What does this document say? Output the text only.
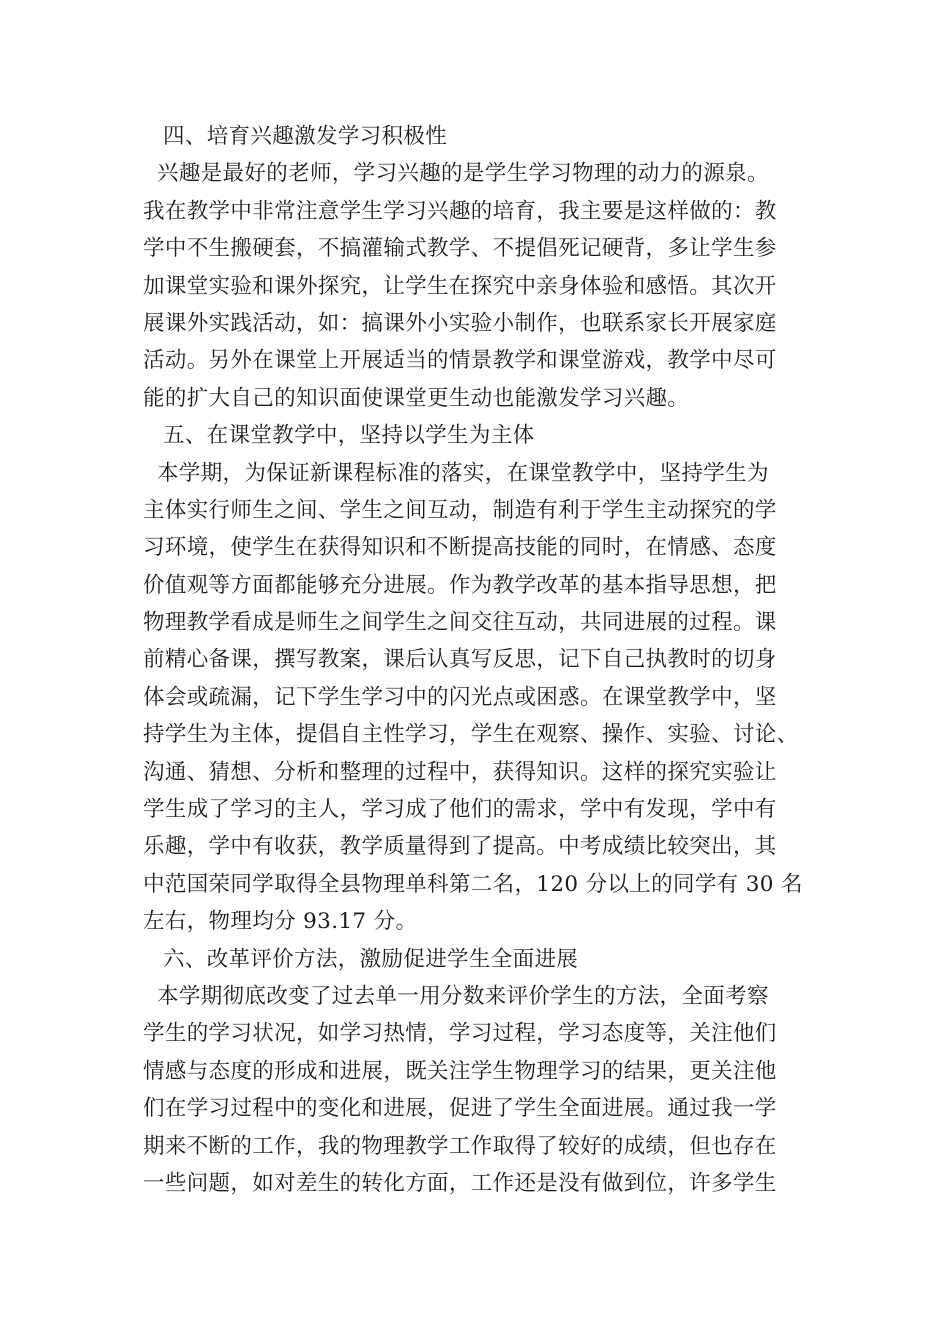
四、培育兴趣激发学习积极性
兴趣是最好的老师，学习兴趣的是学生学习物理的动力的源泉。
我在教学中非常注意学生学习兴趣的培育，我主要是这样做的：教
学中不生搬硬套，不搞灌输式教学、不提倡死记硬背，多让学生参
加课堂实验和课外探究，让学生在探究中亲身体验和感悟。其次开
展课外实践活动，如：搞课外小实验小制作，也联系家长开展家庭
活动。另外在课堂上开展适当的情景教学和课堂游戏，教学中尽可
能的扩大自己的知识面使课堂更生动也能激发学习兴趣。
五、在课堂教学中，坚持以学生为主体
本学期，为保证新课程标准的落实，在课堂教学中，坚持学生为
主体实行师生之间、学生之间互动，制造有利于学生主动探究的学
习环境，使学生在获得知识和不断提高技能的同时，在情感、态度
价值观等方面都能够充分进展。作为教学改革的基本指导思想，把
物理教学看成是师生之间学生之间交往互动，共同进展的过程。课
前精心备课，撰写教案，课后认真写反思，记下自己执教时的切身
体会或疏漏，记下学生学习中的闪光点或困惑。在课堂教学中，坚
持学生为主体，提倡自主性学习，学生在观察、操作、实验、讨论、
沟通、猜想、分析和整理的过程中，获得知识。这样的探究实验让
学生成了学习的主人，学习成了他们的需求，学中有发现，学中有
乐趣，学中有收获，教学质量得到了提高。中考成绩比较突出，其
中范国荣同学取得全县物理单科第二名，120 分以上的同学有 30 名
左右，物理均分 93.17 分。
六、改革评价方法，激励促进学生全面进展
本学期彻底改变了过去单一用分数来评价学生的方法，全面考察
学生的学习状况，如学习热情，学习过程，学习态度等，关注他们
情感与态度的形成和进展，既关注学生物理学习的结果，更关注他
们在学习过程中的变化和进展，促进了学生全面进展。通过我一学
期来不断的工作，我的物理教学工作取得了较好的成绩，但也存在
一些问题，如对差生的转化方面，工作还是没有做到位，许多学生
